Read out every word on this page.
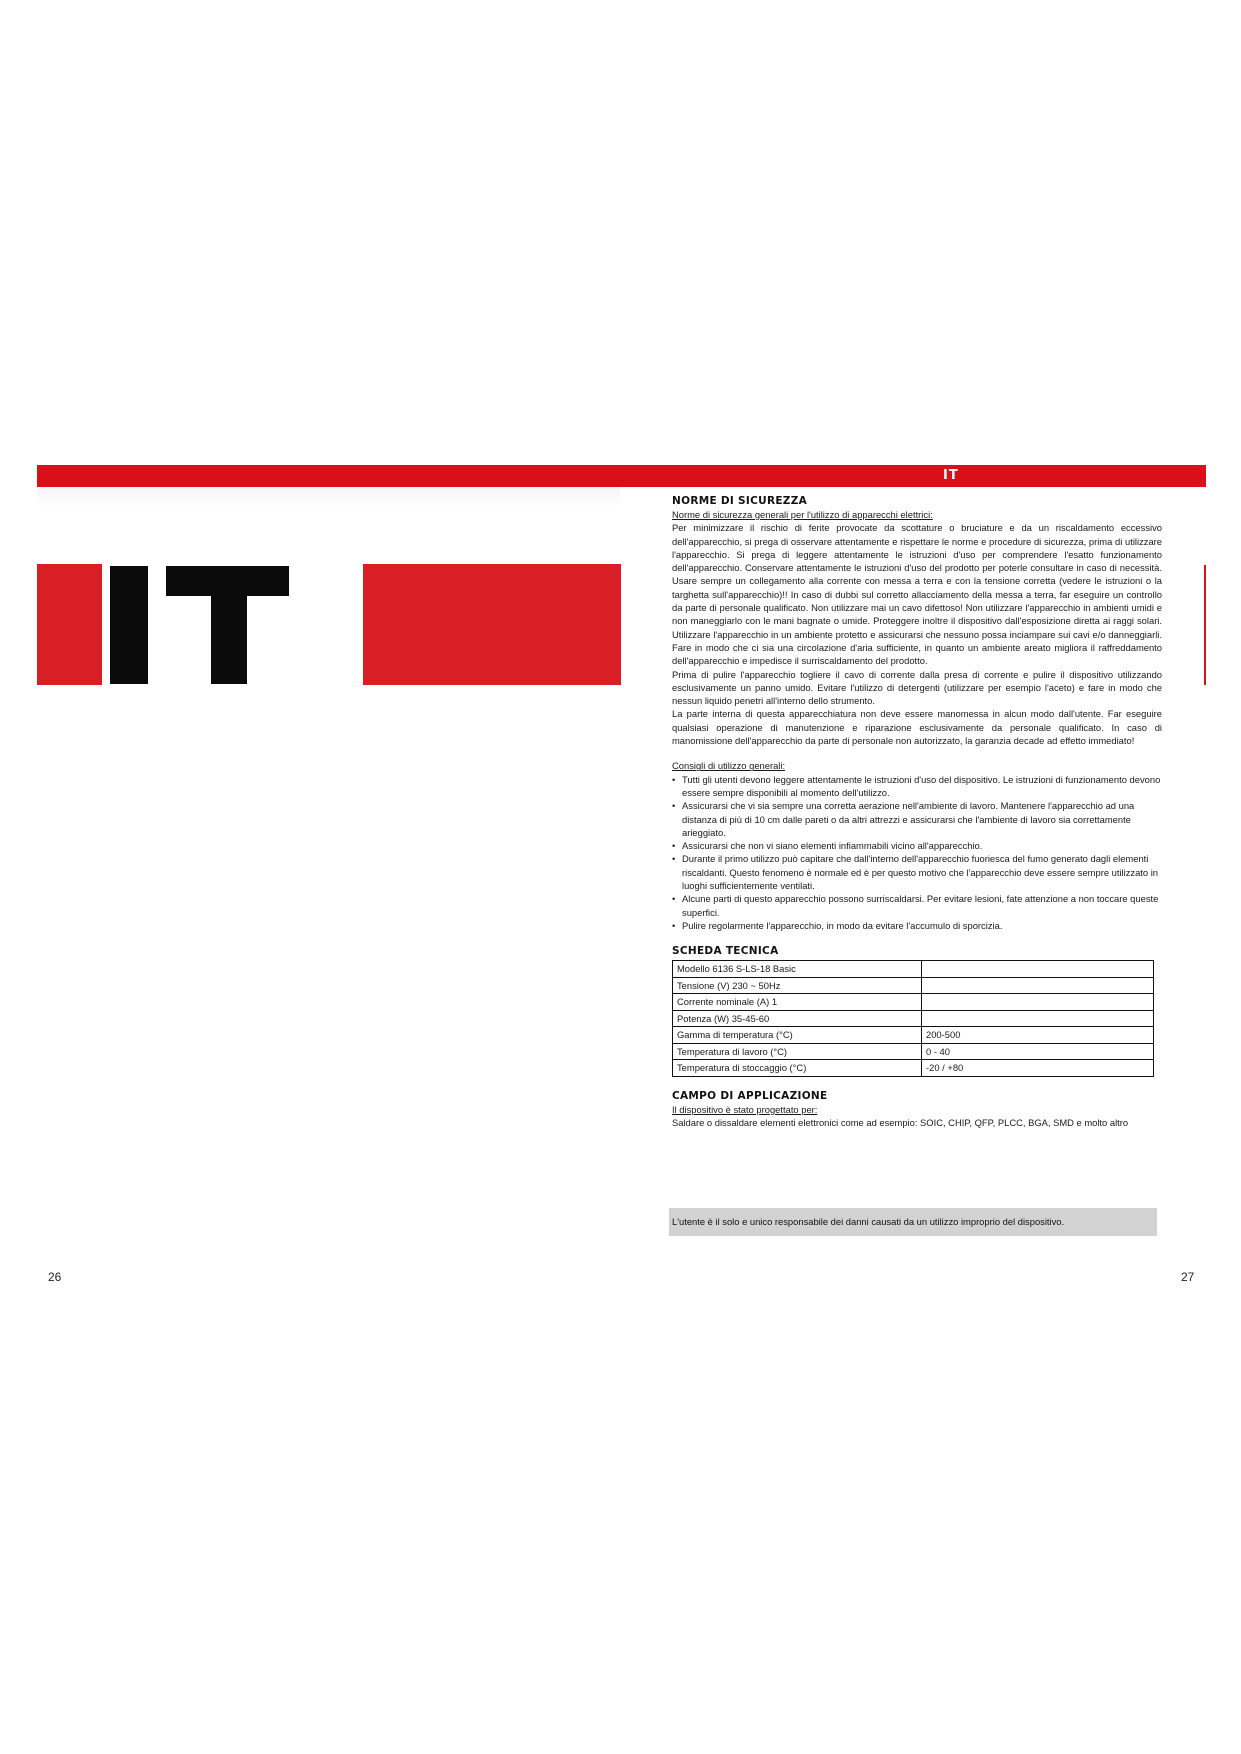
IT

NORME DI SICUREZZA

Norme di sicurezza generali per l'utilizzo di apparecchi elettrici:

Per minimizzare il rischio di ferite provocate da scottature o bruciature e da un riscaldamento eccessivo dell'apparecchio, si prega di osservare attentamente e rispettare le norme e procedure di sicurezza, prima di utilizzare l'apparecchio. Si prega di leggere attentamente le istruzioni d'uso per comprendere l'esatto funzionamento dell'apparecchio. Conservare attentamente le istruzioni d'uso del prodotto per poterle consultare in caso di necessità. Usare sempre un collegamento alla corrente con messa a terra e con la tensione corretta (vedere le istruzioni o la targhetta sull'apparecchio)!! In caso di dubbi sul corretto allacciamento della messa a terra, far eseguire un controllo da parte di personale qualificato. Non utilizzare mai un cavo difettoso! Non utilizzare l'apparecchio in ambienti umidi e non maneggiarlo con le mani bagnate o umide. Proteggere inoltre il dispositivo dall'esposizione diretta ai raggi solari. Utilizzare l'apparecchio in un ambiente protetto e assicurarsi che nessuno possa inciampare sui cavi e/o danneggiarli. Fare in modo che ci sia una circolazione d'aria sufficiente, in quanto un ambiente areato migliora il raffreddamento dell'apparecchio e impedisce il surriscaldamento del prodotto.

Prima di pulire l'apparecchio togliere il cavo di corrente dalla presa di corrente e pulire il dispositivo utilizzando esclusivamente un panno umido. Evitare l'utilizzo di detergenti (utilizzare per esempio l'aceto) e fare in modo che nessun liquido penetri all'interno dello strumento.

La parte interna di questa apparecchiatura non deve essere manomessa in alcun modo dall'utente. Far eseguire qualsiasi operazione di manutenzione e riparazione esclusivamente da personale qualificato. In caso di manomissione dell'apparecchio da parte di personale non autorizzato, la garanzia decade ad effetto immediato!

Consigli di utilizzo generali:

• Tutti gli utenti devono leggere attentamente le istruzioni d'uso del dispositivo. Le istruzioni di funzionamento devono essere sempre disponibili al momento dell'utilizzo.
• Assicurarsi che vi sia sempre una corretta aerazione nell'ambiente di lavoro. Mantenere l'apparecchio ad una distanza di più di 10 cm dalle pareti o da altri attrezzi e assicurarsi che l'ambiente di lavoro sia correttamente arieggiato.
• Assicurarsi che non vi siano elementi infiammabili vicino all'apparecchio.
• Durante il primo utilizzo può capitare che dall'interno dell'apparecchio fuoriesca del fumo generato dagli elementi riscaldanti. Questo fenomeno è normale ed è per questo motivo che l'apparecchio deve essere sempre utilizzato in luoghi sufficientemente ventilati.
• Alcune parti di questo apparecchio possono surriscaldarsi. Per evitare lesioni, fate attenzione a non toccare queste superfici.
• Pulire regolarmente l'apparecchio, in modo da evitare l'accumulo di sporcizia.

SCHEDA TECNICA

Modello 6136 S-LS-18 Basic	
Tensione (V) 230 ~ 50Hz	
Corrente nominale (A) 1	
Potenza (W) 35-45-60	
Gamma di temperatura (°C)	200-500
Temperatura di lavoro (°C)	0 - 40
Temperatura di stoccaggio (°C)	-20 / +80

CAMPO DI APPLICAZIONE

Il dispositivo è stato progettato per:

Saldare o dissaldare elementi elettronici come ad esempio: SOIC, CHIP, QFP, PLCC, BGA, SMD e molto altro

L'utente è il solo e unico responsabile dei danni causati da un utilizzo improprio del dispositivo.
26	27
